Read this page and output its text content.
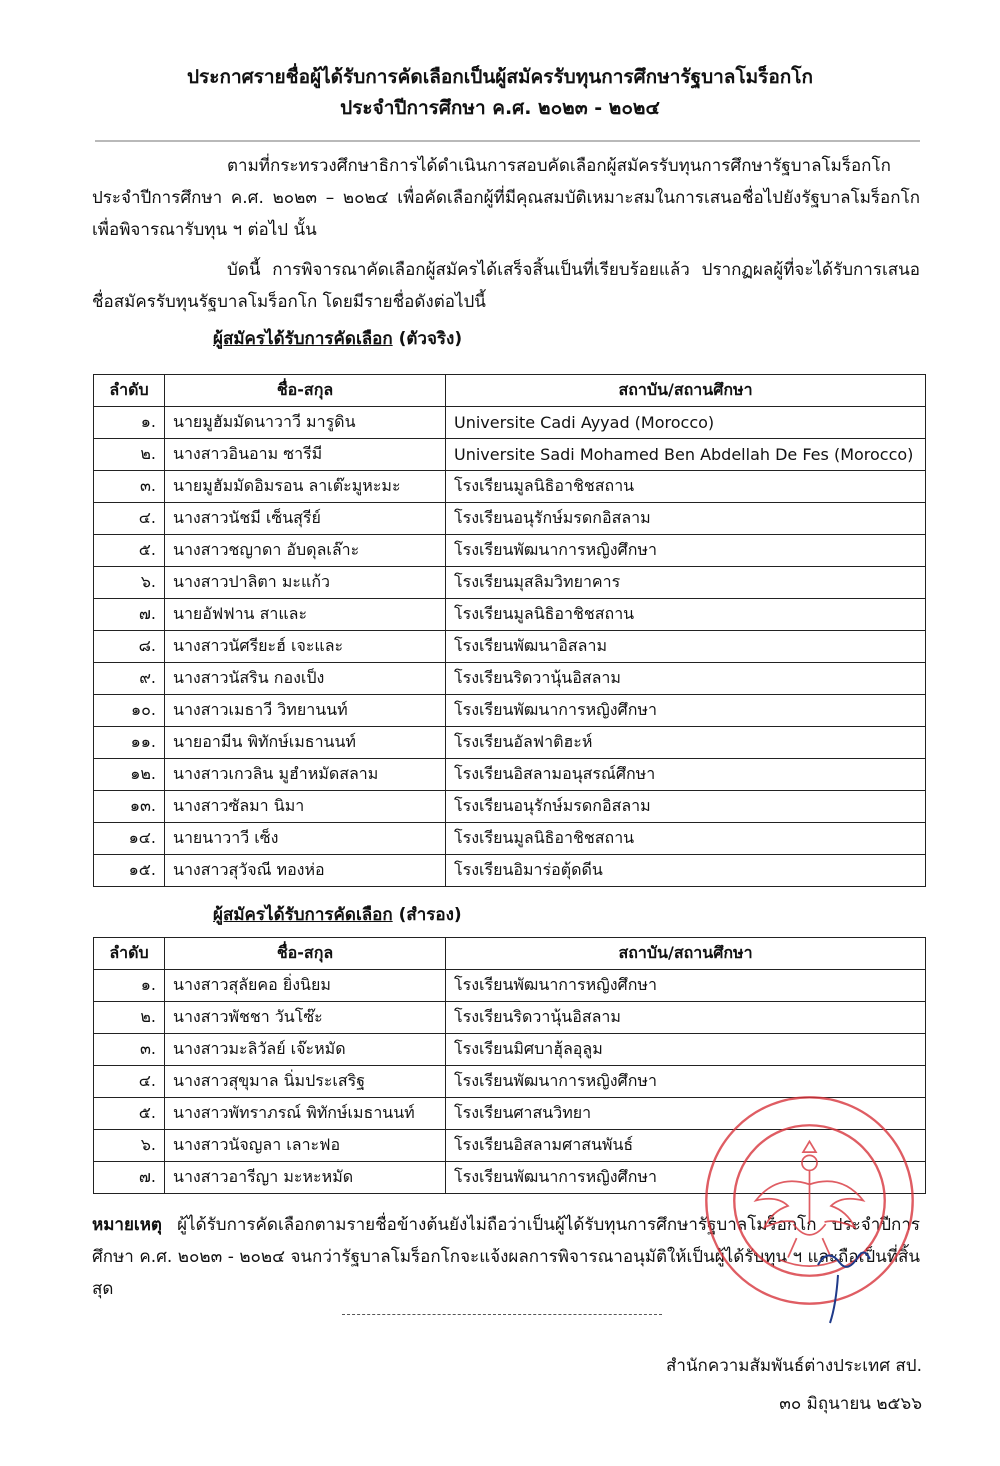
ประกาศรายชื่อผู้ได้รับการคัดเลือกเป็นผู้สมัครรับทุนการศึกษารัฐบาลโมร็อกโก
ประจำปีการศึกษา ค.ศ. ๒๐๒๓ - ๒๐๒๔

ตามที่กระทรวงศึกษาธิการได้ดำเนินการสอบคัดเลือกผู้สมัครรับทุนการศึกษารัฐบาลโมร็อกโก ประจำปีการศึกษา ค.ศ. ๒๐๒๓ – ๒๐๒๔ เพื่อคัดเลือกผู้ที่มีคุณสมบัติเหมาะสมในการเสนอชื่อไปยังรัฐบาลโมร็อกโกเพื่อพิจารณารับทุน ฯ ต่อไป นั้น

บัดนี้ การพิจารณาคัดเลือกผู้สมัครได้เสร็จสิ้นเป็นที่เรียบร้อยแล้ว ปรากฏผลผู้ที่จะได้รับการเสนอชื่อสมัครรับทุนรัฐบาลโมร็อกโก โดยมีรายชื่อดังต่อไปนี้

ผู้สมัครได้รับการคัดเลือก (ตัวจริง)
ลำดับ	ชื่อ-สกุล	สถาบัน/สถานศึกษา
๑.	นายมูฮัมมัดนาวาวี มารูดิน	Universite Cadi Ayyad (Morocco)
๒.	นางสาวอินอาม ซารีมี	Universite Sadi Mohamed Ben Abdellah De Fes (Morocco)
๓.	นายมูฮัมมัดอิมรอน ลาเต๊ะมูหะมะ	โรงเรียนมูลนิธิอาชิชสถาน
๔.	นางสาวนัชมี เซ็นสุรีย์	โรงเรียนอนุรักษ์มรดกอิสลาม
๕.	นางสาวชญาดา อับดุลเล๊าะ	โรงเรียนพัฒนาการหญิงศึกษา
๖.	นางสาวปาลิตา มะแก้ว	โรงเรียนมุสลิมวิทยาคาร
๗.	นายอัฟฟาน สาและ	โรงเรียนมูลนิธิอาชิชสถาน
๘.	นางสาวนัศรียะฮ์ เจะและ	โรงเรียนพัฒนาอิสลาม
๙.	นางสาวนัสริน กองเป็ง	โรงเรียนริดวานุ้นอิสลาม
๑๐.	นางสาวเมธาวี วิทยานนท์	โรงเรียนพัฒนาการหญิงศึกษา
๑๑.	นายอามีน พิทักษ์เมธานนท์	โรงเรียนอัลฟาติฮะห์
๑๒.	นางสาวเกวลิน มูฮำหมัดสลาม	โรงเรียนอิสลามอนุสรณ์ศึกษา
๑๓.	นางสาวซัลมา นิมา	โรงเรียนอนุรักษ์มรดกอิสลาม
๑๔.	นายนาวาวี เซ็ง	โรงเรียนมูลนิธิอาชิชสถาน
๑๕.	นางสาวสุวัจณี ทองห่อ	โรงเรียนอิมาร่อตุ้ดดีน
ผู้สมัครได้รับการคัดเลือก (สำรอง)
ลำดับ	ชื่อ-สกุล	สถาบัน/สถานศึกษา
๑.	นางสาวสุลัยคอ ยิ่งนิยม	โรงเรียนพัฒนาการหญิงศึกษา
๒.	นางสาวพัชชา วันโซ๊ะ	โรงเรียนริดวานุ้นอิสลาม
๓.	นางสาวมะลิวัลย์ เจ๊ะหมัด	โรงเรียนมิศบาฮุ้ลอุลูม
๔.	นางสาวสุขุมาล นิ่มประเสริฐ	โรงเรียนพัฒนาการหญิงศึกษา
๕.	นางสาวพัทราภรณ์ พิทักษ์เมธานนท์	โรงเรียนศาสนวิทยา
๖.	นางสาวนัจญลา เลาะฟอ	โรงเรียนอิสลามศาสนพันธ์
๗.	นางสาวอารีญา มะหะหมัด	โรงเรียนพัฒนาการหญิงศึกษา

หมายเหตุ ผู้ได้รับการคัดเลือกตามรายชื่อข้างต้นยังไม่ถือว่าเป็นผู้ได้รับทุนการศึกษารัฐบาลโมร็อกโก ประจำปีการศึกษา ค.ศ. ๒๐๒๓ - ๒๐๒๔ จนกว่ารัฐบาลโมร็อกโกจะแจ้งผลการพิจารณาอนุมัติให้เป็นผู้ได้รับทุน ฯ และถือเป็นที่สิ้นสุด

สำนักความสัมพันธ์ต่างประเทศ สป.
๓๐ มิถุนายน ๒๕๖๖
